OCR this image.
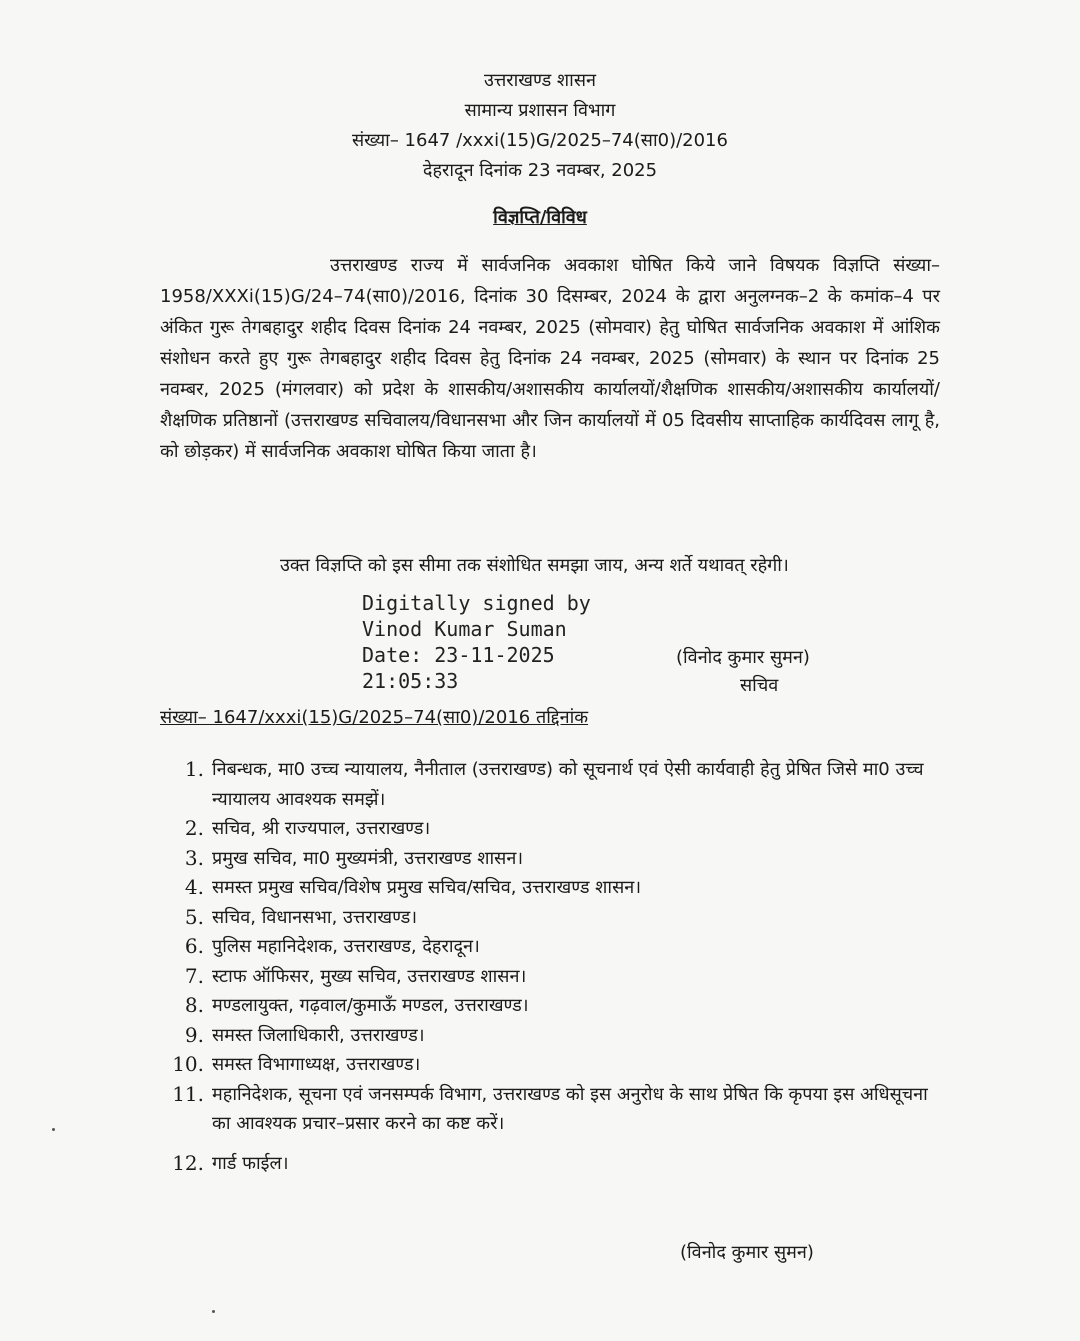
उत्तराखण्ड शासन
सामान्य प्रशासन विभाग
संख्या– 1647 /xxxi(15)G/2025–74(सा0)/2016
देहरादून दिनांक 23 नवम्बर, 2025
विज्ञप्ति/विविध
उत्तराखण्ड राज्य में सार्वजनिक अवकाश घोषित किये जाने विषयक विज्ञप्ति संख्या–1958/XXXi(15)G/24–74(सा0)/2016, दिनांक 30 दिसम्बर, 2024 के द्वारा अनुलग्नक–2 के कमांक–4 पर अंकित गुरू तेगबहादुर शहीद दिवस दिनांक 24 नवम्बर, 2025 (सोमवार) हेतु घोषित सार्वजनिक अवकाश में आंशिक संशोधन करते हुए गुरू तेगबहादुर शहीद दिवस हेतु दिनांक 24 नवम्बर, 2025 (सोमवार) के स्थान पर दिनांक 25 नवम्बर, 2025 (मंगलवार) को प्रदेश के शासकीय/अशासकीय कार्यालयों/शैक्षणिक शासकीय/अशासकीय कार्यालयों/शैक्षणिक प्रतिष्ठानों (उत्तराखण्ड सचिवालय/विधानसभा और जिन कार्यालयों में 05 दिवसीय साप्ताहिक कार्यदिवस लागू है, को छोड़कर) में सार्वजनिक अवकाश घोषित किया जाता है।
उक्त विज्ञप्ति को इस सीमा तक संशोधित समझा जाय, अन्य शर्ते यथावत् रहेगी।
Digitally signed by
Vinod Kumar Suman
Date: 23-11-2025
21:05:33
(विनोद कुमार सुमन)
सचिव
संख्या– 1647/xxxi(15)G/2025–74(सा0)/2016 तद्दिनांक
1. निबन्धक, मा0 उच्च न्यायालय, नैनीताल (उत्तराखण्ड) को सूचनार्थ एवं ऐसी कार्यवाही हेतु प्रेषित जिसे मा0 उच्च न्यायालय आवश्यक समझें।
2. सचिव, श्री राज्यपाल, उत्तराखण्ड।
3. प्रमुख सचिव, मा0 मुख्यमंत्री, उत्तराखण्ड शासन।
4. समस्त प्रमुख सचिव/विशेष प्रमुख सचिव/सचिव, उत्तराखण्ड शासन।
5. सचिव, विधानसभा, उत्तराखण्ड।
6. पुलिस महानिदेशक, उत्तराखण्ड, देहरादून।
7. स्टाफ ऑफिसर, मुख्य सचिव, उत्तराखण्ड शासन।
8. मण्डलायुक्त, गढ़वाल/कुमाऊँ मण्डल, उत्तराखण्ड।
9. समस्त जिलाधिकारी, उत्तराखण्ड।
10. समस्त विभागाध्यक्ष, उत्तराखण्ड।
11. महानिदेशक, सूचना एवं जनसम्पर्क विभाग, उत्तराखण्ड को इस अनुरोध के साथ प्रेषित कि कृपया इस अधिसूचना का आवश्यक प्रचार–प्रसार करने का कष्ट करें।
12. गार्ड फाईल।
(विनोद कुमार सुमन)
